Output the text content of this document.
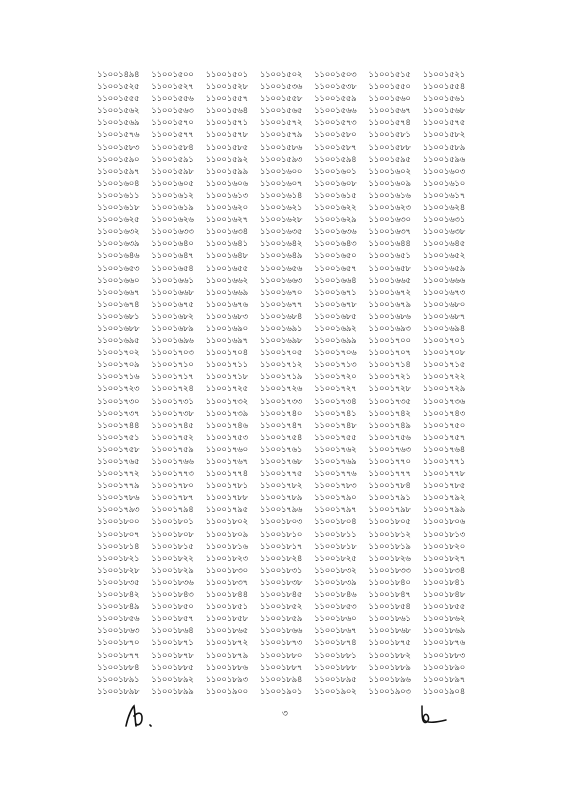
১১০০১৪৯৪	১১০০১৫০০	১১০০১৫০১	১১০০১৫০২	১১০০১৫০৩	১১০০১৫১৫	১১০০১৫২১
১১০০১৫২৫	১১০০১৫২৭	১১০০১৫২৮	১১০০১৫৩৬	১১০০১৫৩৮	১১০০১৫৫০	১১০০১৫৫৪
১১০০১৫৫৫	১১০০১৫৫৬	১১০০১৫৫৭	১১০০১৫৫৮	১১০০১৫৫৯	১১০০১৫৬০	১১০০১৫৬১
১১০০১৫৬২	১১০০১৫৬৩	১১০০১৫৬৪	১১০০১৫৬৫	১১০০১৫৬৬	১১০০১৫৬৭	১১০০১৫৬৮
১১০০১৫৬৯	১১০০১৫৭০	১১০০১৫৭১	১১০০১৫৭২	১১০০১৫৭৩	১১০০১৫৭৪	১১০০১৫৭৫
১১০০১৫৭৬	১১০০১৫৭৭	১১০০১৫৭৮	১১০০১৫৭৯	১১০০১৫৮০	১১০০১৫৮১	১১০০১৫৮২
১১০০১৫৮৩	১১০০১৫৮৪	১১০০১৫৮৫	১১০০১৫৮৬	১১০০১৫৮৭	১১০০১৫৮৮	১১০০১৫৮৯
১১০০১৫৯০	১১০০১৫৯১	১১০০১৫৯২	১১০০১৫৯৩	১১০০১৫৯৪	১১০০১৫৯৫	১১০০১৫৯৬
১১০০১৫৯৭	১১০০১৫৯৮	১১০০১৫৯৯	১১০০১৬০০	১১০০১৬০১	১১০০১৬০২	১১০০১৬০৩
১১০০১৬০৪	১১০০১৬০৫	১১০০১৬০৬	১১০০১৬০৭	১১০০১৬০৮	১১০০১৬০৯	১১০০১৬১০
১১০০১৬১১	১১০০১৬১২	১১০০১৬১৩	১১০০১৬১৪	১১০০১৬১৫	১১০০১৬১৬	১১০০১৬১৭
১১০০১৬১৮	১১০০১৬১৯	১১০০১৬২০	১১০০১৬২১	১১০০১৬২২	১১০০১৬২৩	১১০০১৬২৪
১১০০১৬২৫	১১০০১৬২৬	১১০০১৬২৭	১১০০১৬২৮	১১০০১৬২৯	১১০০১৬৩০	১১০০১৬৩১
১১০০১৬৩২	১১০০১৬৩৩	১১০০১৬৩৪	১১০০১৬৩৫	১১০০১৬৩৬	১১০০১৬৩৭	১১০০১৬৩৮
১১০০১৬৩৯	১১০০১৬৪০	১১০০১৬৪১	১১০০১৬৪২	১১০০১৬৪৩	১১০০১৬৪৪	১১০০১৬৪৫
১১০০১৬৪৬	১১০০১৬৪৭	১১০০১৬৪৮	১১০০১৬৪৯	১১০০১৬৫০	১১০০১৬৫১	১১০০১৬৫২
১১০০১৬৫৩	১১০০১৬৫৪	১১০০১৬৫৫	১১০০১৬৫৬	১১০০১৬৫৭	১১০০১৬৫৮	১১০০১৬৫৯
১১০০১৬৬০	১১০০১৬৬১	১১০০১৬৬২	১১০০১৬৬৩	১১০০১৬৬৪	১১০০১৬৬৫	১১০০১৬৬৬
১১০০১৬৬৭	১১০০১৬৬৮	১১০০১৬৬৯	১১০০১৬৭০	১১০০১৬৭১	১১০০১৬৭২	১১০০১৬৭৩
১১০০১৬৭৪	১১০০১৬৭৫	১১০০১৬৭৬	১১০০১৬৭৭	১১০০১৬৭৮	১১০০১৬৭৯	১১০০১৬৮০
১১০০১৬৮১	১১০০১৬৮২	১১০০১৬৮৩	১১০০১৬৮৪	১১০০১৬৮৫	১১০০১৬৮৬	১১০০১৬৮৭
১১০০১৬৮৮	১১০০১৬৮৯	১১০০১৬৯০	১১০০১৬৯১	১১০০১৬৯২	১১০০১৬৯৩	১১০০১৬৯৪
১১০০১৬৯৫	১১০০১৬৯৬	১১০০১৬৯৭	১১০০১৬৯৮	১১০০১৬৯৯	১১০০১৭০০	১১০০১৭০১
১১০০১৭০২	১১০০১৭০৩	১১০০১৭০৪	১১০০১৭০৫	১১০০১৭০৬	১১০০১৭০৭	১১০০১৭০৮
১১০০১৭০৯	১১০০১৭১০	১১০০১৭১১	১১০০১৭১২	১১০০১৭১৩	১১০০১৭১৪	১১০০১৭১৫
১১০০১৭১৬	১১০০১৭১৭	১১০০১৭১৮	১১০০১৭১৯	১১০০১৭২০	১১০০১৭২১	১১০০১৭২২
১১০০১৭২৩	১১০০১৭২৪	১১০০১৭২৫	১১০০১৭২৬	১১০০১৭২৭	১১০০১৭২৮	১১০০১৭২৯
১১০০১৭৩০	১১০০১৭৩১	১১০০১৭৩২	১১০০১৭৩৩	১১০০১৭৩৪	১১০০১৭৩৫	১১০০১৭৩৬
১১০০১৭৩৭	১১০০১৭৩৮	১১০০১৭৩৯	১১০০১৭৪০	১১০০১৭৪১	১১০০১৭৪২	১১০০১৭৪৩
১১০০১৭৪৪	১১০০১৭৪৫	১১০০১৭৪৬	১১০০১৭৪৭	১১০০১৭৪৮	১১০০১৭৪৯	১১০০১৭৫০
১১০০১৭৫১	১১০০১৭৫২	১১০০১৭৫৩	১১০০১৭৫৪	১১০০১৭৫৫	১১০০১৭৫৬	১১০০১৭৫৭
১১০০১৭৫৮	১১০০১৭৫৯	১১০০১৭৬০	১১০০১৭৬১	১১০০১৭৬২	১১০০১৭৬৩	১১০০১৭৬৪
১১০০১৭৬৫	১১০০১৭৬৬	১১০০১৭৬৭	১১০০১৭৬৮	১১০০১৭৬৯	১১০০১৭৭০	১১০০১৭৭১
১১০০১৭৭২	১১০০১৭৭৩	১১০০১৭৭৪	১১০০১৭৭৫	১১০০১৭৭৬	১১০০১৭৭৭	১১০০১৭৭৮
১১০০১৭৭৯	১১০০১৭৮০	১১০০১৭৮১	১১০০১৭৮২	১১০০১৭৮৩	১১০০১৭৮৪	১১০০১৭৮৫
১১০০১৭৮৬	১১০০১৭৮৭	১১০০১৭৮৮	১১০০১৭৮৯	১১০০১৭৯০	১১০০১৭৯১	১১০০১৭৯২
১১০০১৭৯৩	১১০০১৭৯৪	১১০০১৭৯৫	১১০০১৭৯৬	১১০০১৭৯৭	১১০০১৭৯৮	১১০০১৭৯৯
১১০০১৮০০	১১০০১৮০১	১১০০১৮০২	১১০০১৮০৩	১১০০১৮০৪	১১০০১৮০৫	১১০০১৮০৬
১১০০১৮০৭	১১০০১৮০৮	১১০০১৮০৯	১১০০১৮১০	১১০০১৮১১	১১০০১৮১২	১১০০১৮১৩
১১০০১৮১৪	১১০০১৮১৫	১১০০১৮১৬	১১০০১৮১৭	১১০০১৮১৮	১১০০১৮১৯	১১০০১৮২০
১১০০১৮২১	১১০০১৮২২	১১০০১৮২৩	১১০০১৮২৪	১১০০১৮২৫	১১০০১৮২৬	১১০০১৮২৭
১১০০১৮২৮	১১০০১৮২৯	১১০০১৮৩০	১১০০১৮৩১	১১০০১৮৩২	১১০০১৮৩৩	১১০০১৮৩৪
১১০০১৮৩৫	১১০০১৮৩৬	১১০০১৮৩৭	১১০০১৮৩৮	১১০০১৮৩৯	১১০০১৮৪০	১১০০১৮৪১
১১০০১৮৪২	১১০০১৮৪৩	১১০০১৮৪৪	১১০০১৮৪৫	১১০০১৮৪৬	১১০০১৮৪৭	১১০০১৮৪৮
১১০০১৮৪৯	১১০০১৮৫০	১১০০১৮৫১	১১০০১৮৫২	১১০০১৮৫৩	১১০০১৮৫৪	১১০০১৮৫৫
১১০০১৮৫৬	১১০০১৮৫৭	১১০০১৮৫৮	১১০০১৮৫৯	১১০০১৮৬০	১১০০১৮৬১	১১০০১৮৬২
১১০০১৮৬৩	১১০০১৮৬৪	১১০০১৮৬৫	১১০০১৮৬৬	১১০০১৮৬৭	১১০০১৮৬৮	১১০০১৮৬৯
১১০০১৮৭০	১১০০১৮৭১	১১০০১৮৭২	১১০০১৮৭৩	১১০০১৮৭৪	১১০০১৮৭৫	১১০০১৮৭৬
১১০০১৮৭৭	১১০০১৮৭৮	১১০০১৮৭৯	১১০০১৮৮০	১১০০১৮৮১	১১০০১৮৮২	১১০০১৮৮৩
১১০০১৮৮৪	১১০০১৮৮৫	১১০০১৮৮৬	১১০০১৮৮৭	১১০০১৮৮৮	১১০০১৮৮৯	১১০০১৮৯০
১১০০১৮৯১	১১০০১৮৯২	১১০০১৮৯৩	১১০০১৮৯৪	১১০০১৮৯৫	১১০০১৮৯৬	১১০০১৮৯৭
১১০০১৮৯৮	১১০০১৮৯৯	১১০০১৯০০	১১০০১৯০১	১১০০১৯০২	১১০০১৯০৩	১১০০১৯০৪
৩
